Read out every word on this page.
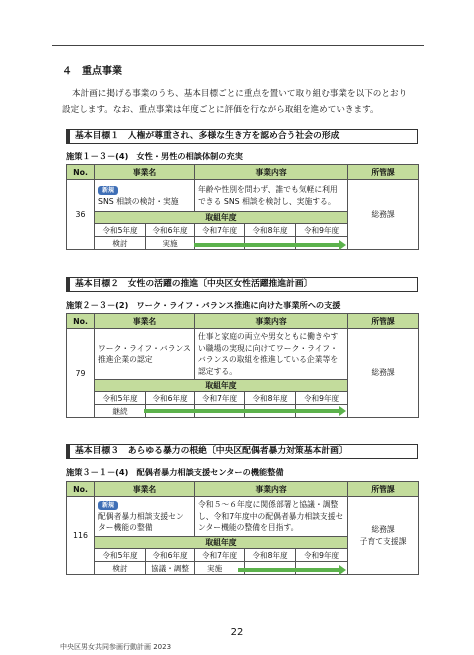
４　重点事業
本計画に掲げる事業のうち、基本目標ごとに重点を置いて取り組む事業を以下のとおり
設定します。なお、重点事業は年度ごとに評価を行ながら取組を進めていきます。
基本目標１　人権が尊重され、多様な生き方を認め合う社会の形成
施策１－３－(4)　女性・男性の相談体制の充実
No.	事業名		事業内容			所管課
36	新規
SNS 相談の検討・実施		年齢や性別を問わず、誰でも気軽に利用できる SNS 相談を検討し、実施する。			総務課
	取組年度					
	令和5年度	令和6年度	令和7年度	令和8年度	令和9年度	
	検討	実施				
基本目標２　女性の活躍の推進〔中央区女性活躍推進計画〕
施策２－３－(2)　ワーク・ライフ・バランス推進に向けた事業所への支援
No.	事業名		事業内容			所管課
79	ワーク・ライフ・バランス推進企業の認定		仕事と家庭の両立や男女ともに働きやすい職場の実現に向けてワーク・ライフ・バランスの取組を推進している企業等を認定する。			総務課
	取組年度					
	令和5年度	令和6年度	令和7年度	令和8年度	令和9年度	
	継続					
基本目標３　あらゆる暴力の根絶〔中央区配偶者暴力対策基本計画〕
施策３－１－(4)　配偶者暴力相談支援センターの機能整備
No.	事業名		事業内容			所管課
116	新規
配偶者暴力相談支援センター機能の整備		令和５～６年度に関係部署と協議・調整し、令和7年度中の配偶者暴力相談支援センター機能の整備を目指す。			総務課
子育て支援課
	取組年度					
	令和5年度	令和6年度	令和7年度	令和8年度	令和9年度	
	検討	協議・調整	実施			
22
中央区男女共同参画行動計画 2023
